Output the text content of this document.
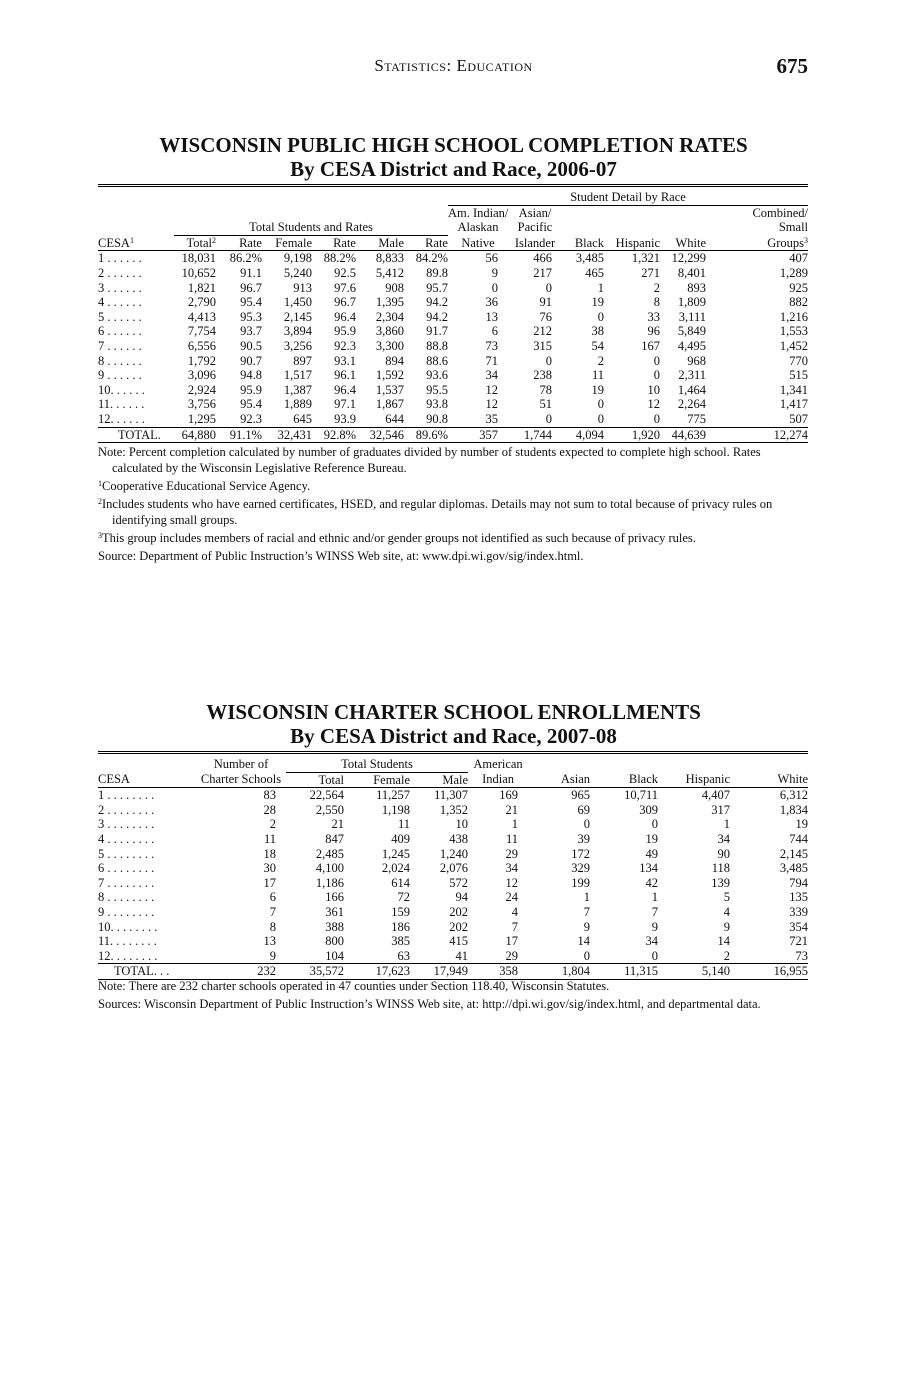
Statistics: Education	675
WISCONSIN PUBLIC HIGH SCHOOL COMPLETION RATES
By CESA District and Race, 2006-07
							Student Detail by Race					
							Am. Indian/	Asian/				Combined/
	Total Students and Rates						Alaskan	Pacific				Small
CESA$^1$	Total$^2$	Rate	Female	Rate	Male	Rate	Native	Islander	Black	Hispanic	White	Groups$^3$
1 . . . . . .	18,031	86.2%	9,198	88.2%	8,833	84.2%	56	466	3,485	1,321	12,299	407
2 . . . . . .	10,652	91.1	5,240	92.5	5,412	89.8	9	217	465	271	8,401	1,289
3 . . . . . .	1,821	96.7	913	97.6	908	95.7	0	0	1	2	893	925
4 . . . . . .	2,790	95.4	1,450	96.7	1,395	94.2	36	91	19	8	1,809	882
5 . . . . . .	4,413	95.3	2,145	96.4	2,304	94.2	13	76	0	33	3,111	1,216
6 . . . . . .	7,754	93.7	3,894	95.9	3,860	91.7	6	212	38	96	5,849	1,553
7 . . . . . .	6,556	90.5	3,256	92.3	3,300	88.8	73	315	54	167	4,495	1,452
8 . . . . . .	1,792	90.7	897	93.1	894	88.6	71	0	2	0	968	770
9 . . . . . .	3,096	94.8	1,517	96.1	1,592	93.6	34	238	11	0	2,311	515
10. . . . . .	2,924	95.9	1,387	96.4	1,537	95.5	12	78	19	10	1,464	1,341
11. . . . . .	3,756	95.4	1,889	97.1	1,867	93.8	12	51	0	12	2,264	1,417
12. . . . . .	1,295	92.3	645	93.9	644	90.8	35	0	0	0	775	507
TOTAL.	64,880	91.1%	32,431	92.8%	32,546	89.6%	357	1,744	4,094	1,920	44,639	12,274

Note: Percent completion calculated by number of graduates divided by number of students expected to complete high school. Rates calculated by the Wisconsin Legislative Reference Bureau.

$^1$Cooperative Educational Service Agency.

$^2$Includes students who have earned certificates, HSED, and regular diplomas. Details may not sum to total because of privacy rules on identifying small groups.

$^3$This group includes members of racial and ethnic and/or gender groups not identified as such because of privacy rules.

Source: Department of Public Instruction’s WINSS Web site, at: www.dpi.wi.gov/sig/index.html.

WISCONSIN CHARTER SCHOOL ENROLLMENTS
By CESA District and Race, 2007-08
	Number of	Total Students			American				
CESA	Charter Schools	Total	Female	Male	Indian	Asian	Black	Hispanic	White
1 . . . . . . . .	83	22,564	11,257	11,307	169	965	10,711	4,407	6,312
2 . . . . . . . .	28	2,550	1,198	1,352	21	69	309	317	1,834
3 . . . . . . . .	2	21	11	10	1	0	0	1	19
4 . . . . . . . .	11	847	409	438	11	39	19	34	744
5 . . . . . . . .	18	2,485	1,245	1,240	29	172	49	90	2,145
6 . . . . . . . .	30	4,100	2,024	2,076	34	329	134	118	3,485
7 . . . . . . . .	17	1,186	614	572	12	199	42	139	794
8 . . . . . . . .	6	166	72	94	24	1	1	5	135
9 . . . . . . . .	7	361	159	202	4	7	7	4	339
10. . . . . . . .	8	388	186	202	7	9	9	9	354
11. . . . . . . .	13	800	385	415	17	14	34	14	721
12. . . . . . . .	9	104	63	41	29	0	0	2	73
TOTAL. . .	232	35,572	17,623	17,949	358	1,804	11,315	5,140	16,955

Note: There are 232 charter schools operated in 47 counties under Section 118.40, Wisconsin Statutes.

Sources: Wisconsin Department of Public Instruction’s WINSS Web site, at: http://dpi.wi.gov/sig/index.html, and departmental data.
